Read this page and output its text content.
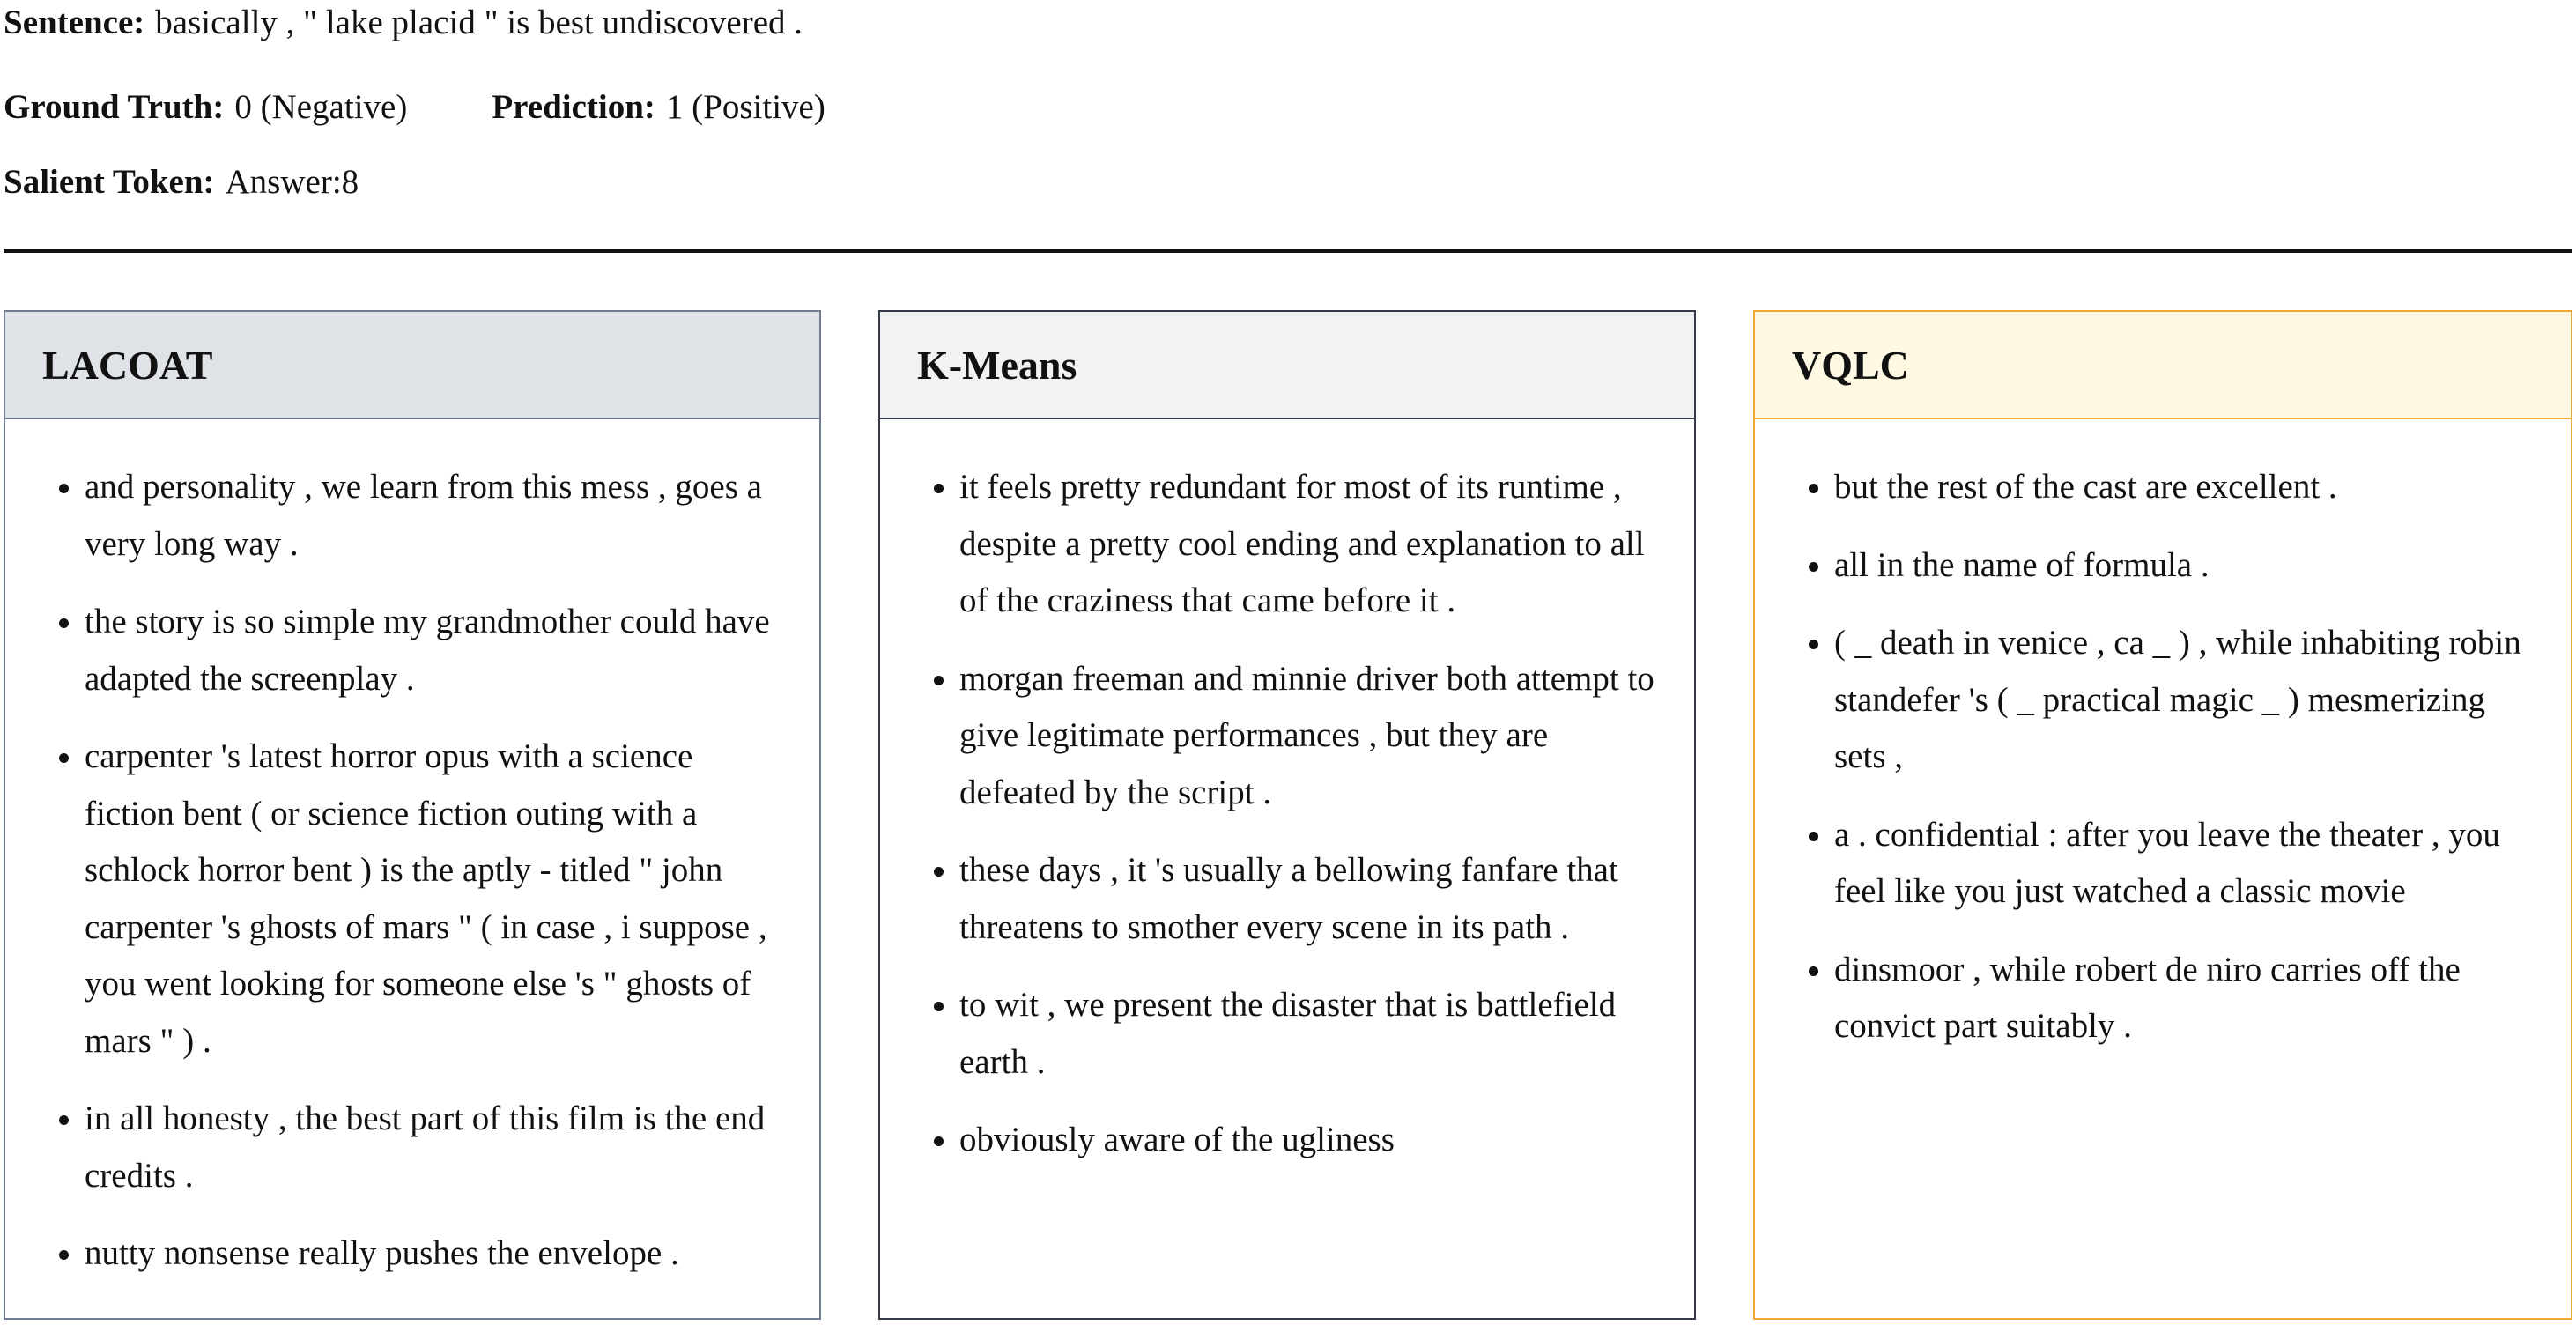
Sentence: basically , " lake placid " is best undiscovered .
Ground Truth: 0 (Negative) Prediction: 1 (Positive)
Salient Token: Answer:8
LACOAT
• and personality , we learn from this mess , goes a very long way .
• the story is so simple my grandmother could have adapted the screenplay .
• carpenter 's latest horror opus with a science fiction bent ( or science fiction outing with a schlock horror bent ) is the aptly - titled " john carpenter 's ghosts of mars " ( in case , i suppose , you went looking for someone else 's " ghosts of mars " ) .
• in all honesty , the best part of this film is the end credits .
• nutty nonsense really pushes the envelope .
K-Means
• it feels pretty redundant for most of its runtime , despite a pretty cool ending and explanation to all of the craziness that came before it .
• morgan freeman and minnie driver both attempt to give legitimate performances , but they are defeated by the script .
• these days , it 's usually a bellowing fanfare that threatens to smother every scene in its path .
• to wit , we present the disaster that is battlefield earth .
• obviously aware of the ugliness
VQLC
• but the rest of the cast are excellent .
• all in the name of formula .
• ( _ death in venice , ca _ ) , while inhabiting robin standefer 's ( _ practical magic _ ) mesmerizing sets ,
• a . confidential : after you leave the theater , you feel like you just watched a classic movie
• dinsmoor , while robert de niro carries off the convict part suitably .
